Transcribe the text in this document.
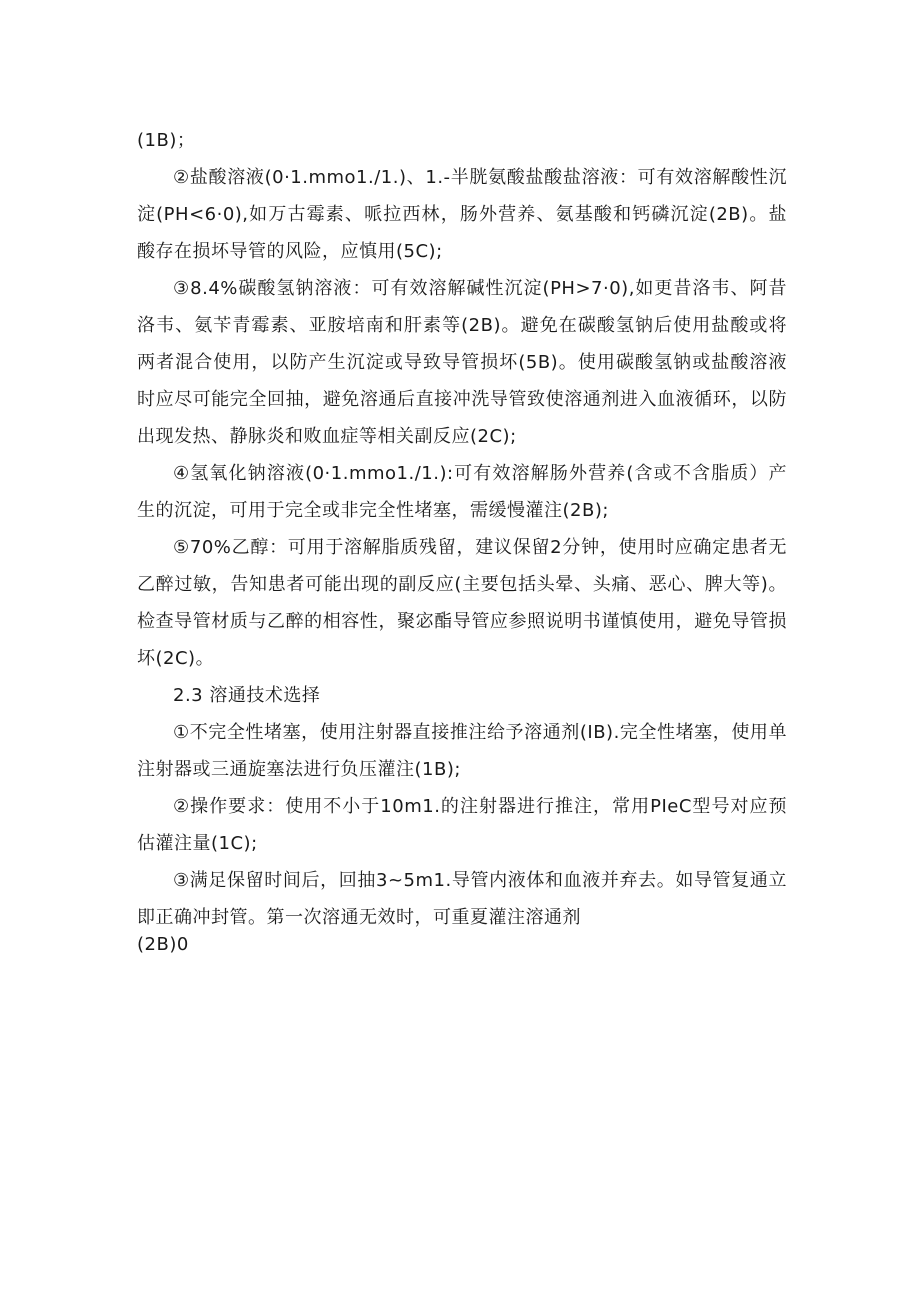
(1B)；

②盐酸溶液(0·1.mmo1./1.)、1.-半胱氨酸盐酸盐溶液：可有效溶解酸性沉淀(PH<6·0),如万古霉素、哌拉西林，肠外营养、氨基酸和钙磷沉淀(2B)。盐酸存在损坏导管的风险，应慎用(5C);

③8.4%碳酸氢钠溶液：可有效溶解碱性沉淀(PH>7·0),如更昔洛韦、阿昔洛韦、氨苄青霉素、亚胺培南和肝素等(2B)。避免在碳酸氢钠后使用盐酸或将两者混合使用，以防产生沉淀或导致导管损坏(5B)。使用碳酸氢钠或盐酸溶液时应尽可能完全回抽，避免溶通后直接冲洗导管致使溶通剂进入血液循环，以防出现发热、静脉炎和败血症等相关副反应(2C);

④氢氧化钠溶液(0·1.mmo1./1.):可有效溶解肠外营养(含或不含脂质）产生的沉淀，可用于完全或非完全性堵塞，需缓慢灌注(2B);

⑤70%乙醇：可用于溶解脂质残留，建议保留2分钟，使用时应确定患者无乙醉过敏，告知患者可能出现的副反应(主要包括头晕、头痛、恶心、脾大等)。检查导管材质与乙醉的相容性，聚宓酯导管应参照说明书谨慎使用，避免导管损坏(2C)。

2.3 溶通技术选择

①不完全性堵塞，使用注射器直接推注给予溶通剂(IB).完全性堵塞，使用单注射器或三通旋塞法进行负压灌注(1B);

②操作要求：使用不小于10m1.的注射器进行推注，常用PIeC型号对应预估灌注量(1C);

③满足保留时间后，回抽3~5m1.导管内液体和血液并弃去。如导管复通立即正确冲封管。第一次溶通无效时，可重夏灌注溶通剂

(2B)0
